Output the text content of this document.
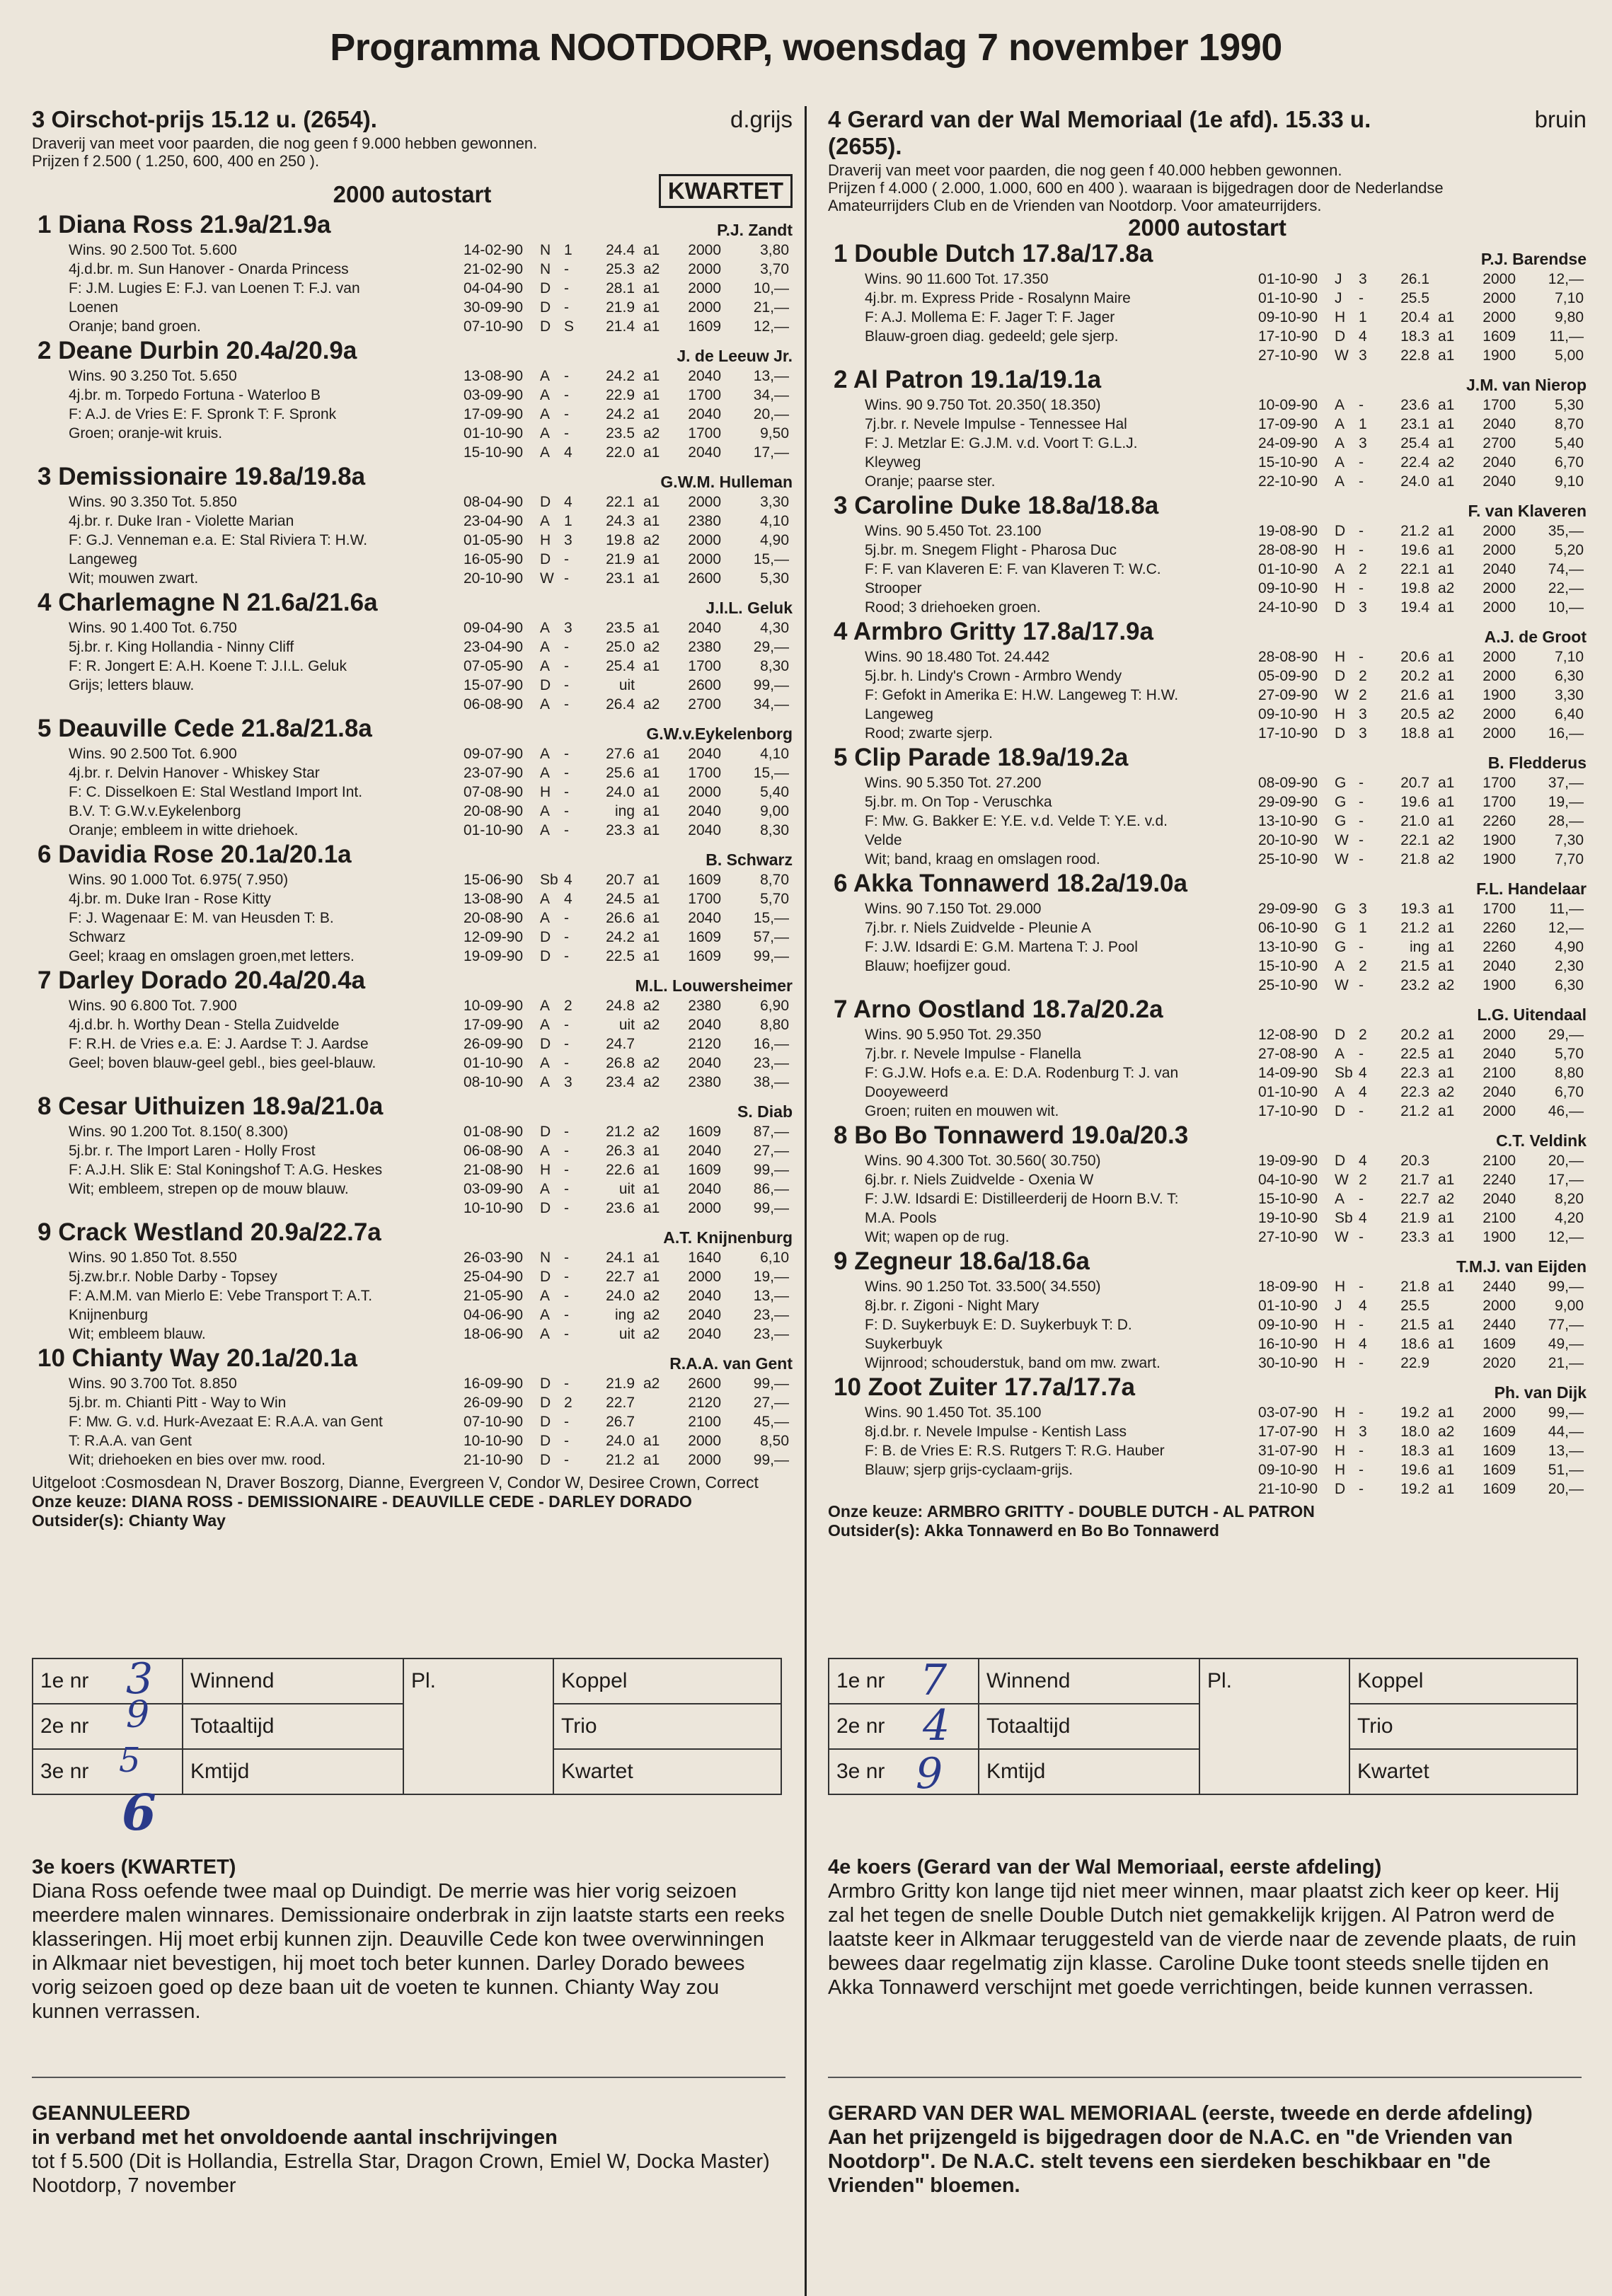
Programma NOOTDORP, woensdag 7 november 1990
3 Oirschot-prijs 15.12 u. (2654).	d.grijs
Draverij van meet voor paarden, die nog geen f 9.000 hebben gewonnen.
Prijzen f 2.500 ( 1.250, 600, 400 en 250 ).
2000 autostart	KWARTET
1 Diana Ross 21.9a/21.9a	P.J. Zandt
Wins. 90 2.500 Tot. 5.600
4j.d.br. m. Sun Hanover - Onarda Princess
F: J.M. Lugies E: F.J. van Loenen T: F.J. van
Loenen
Oranje; band groen.
14-02-90	N 1	24.4 a1	2000	3,80
21-02-90	N -	25.3 a2	2000	3,70
04-04-90	D -	28.1 a1	2000	10,—
30-09-90	D -	21.9 a1	2000	21,—
07-10-90	D S	21.4 a1	1609	12,—
2 Deane Durbin 20.4a/20.9a	J. de Leeuw Jr.
Wins. 90 3.250 Tot. 5.650
4j.br. m. Torpedo Fortuna - Waterloo B
F: A.J. de Vries E: F. Spronk T: F. Spronk
Groen; oranje-wit kruis.
13-08-90	A -	24.2 a1	2040	13,—
03-09-90	A -	22.9 a1	1700	34,—
17-09-90	A -	24.2 a1	2040	20,—
01-10-90	A -	23.5 a2	1700	9,50
15-10-90	A 4	22.0 a1	2040	17,—
3 Demissionaire 19.8a/19.8a	G.W.M. Hulleman
Wins. 90 3.350 Tot. 5.850
4j.br. r. Duke Iran - Violette Marian
F: G.J. Venneman e.a. E: Stal Riviera T: H.W.
Langeweg
Wit; mouwen zwart.
08-04-90	D 4	22.1 a1	2000	3,30
23-04-90	A 1	24.3 a1	2380	4,10
01-05-90	H 3	19.8 a2	2000	4,90
16-05-90	D -	21.9 a1	2000	15,—
20-10-90	W -	23.1 a1	2600	5,30
4 Charlemagne N 21.6a/21.6a	J.I.L. Geluk
Wins. 90 1.400 Tot. 6.750
5j.br. r. King Hollandia - Ninny Cliff
F: R. Jongert E: A.H. Koene T: J.I.L. Geluk
Grijs; letters blauw.
09-04-90	A 3	23.5 a1	2040	4,30
23-04-90	A -	25.0 a2	2380	29,—
07-05-90	A -	25.4 a1	1700	8,30
15-07-90	D -	uit	2600	99,—
06-08-90	A -	26.4 a2	2700	34,—
5 Deauville Cede 21.8a/21.8a	G.W.v.Eykelenborg
Wins. 90 2.500 Tot. 6.900
4j.br. r. Delvin Hanover - Whiskey Star
F: C. Disselkoen E: Stal Westland Import Int.
B.V. T: G.W.v.Eykelenborg
Oranje; embleem in witte driehoek.
09-07-90	A -	27.6 a1	2040	4,10
23-07-90	A -	25.6 a1	1700	15,—
07-08-90	H -	24.0 a1	2000	5,40
20-08-90	A -	ing a1	2040	9,00
01-10-90	A -	23.3 a1	2040	8,30
6 Davidia Rose 20.1a/20.1a	B. Schwarz
Wins. 90 1.000 Tot. 6.975( 7.950)
4j.br. m. Duke Iran - Rose Kitty
F: J. Wagenaar E: M. van Heusden T: B.
Schwarz
Geel; kraag en omslagen groen,met letters.
15-06-90	Sb 4	20.7 a1	1609	8,70
13-08-90	A 4	24.5 a1	1700	5,70
20-08-90	A -	26.6 a1	2040	15,—
12-09-90	D -	24.2 a1	1609	57,—
19-09-90	D -	22.5 a1	1609	99,—
7 Darley Dorado 20.4a/20.4a	M.L. Louwersheimer
Wins. 90 6.800 Tot. 7.900
4j.d.br. h. Worthy Dean - Stella Zuidvelde
F: R.H. de Vries e.a. E: J. Aardse T: J. Aardse
Geel; boven blauw-geel gebl., bies geel-blauw.
10-09-90	A 2	24.8 a2	2380	6,90
17-09-90	A -	uit a2	2040	8,80
26-09-90	D -	24.7	2120	16,—
01-10-90	A -	26.8 a2	2040	23,—
08-10-90	A 3	23.4 a2	2380	38,—
8 Cesar Uithuizen 18.9a/21.0a	S. Diab
Wins. 90 1.200 Tot. 8.150( 8.300)
5j.br. r. The Import Laren - Holly Frost
F: A.J.H. Slik E: Stal Koningshof T: A.G. Heskes
Wit; embleem, strepen op de mouw blauw.
01-08-90	D -	21.2 a2	1609	87,—
06-08-90	A -	26.3 a1	2040	27,—
21-08-90	H -	22.6 a1	1609	99,—
03-09-90	A -	uit a1	2040	86,—
10-10-90	D -	23.6 a1	2000	99,—
9 Crack Westland 20.9a/22.7a	A.T. Knijnenburg
Wins. 90 1.850 Tot. 8.550
5j.zw.br.r. Noble Darby - Topsey
F: A.M.M. van Mierlo E: Vebe Transport T: A.T.
Knijnenburg
Wit; embleem blauw.
26-03-90	N -	24.1 a1	1640	6,10
25-04-90	D -	22.7 a1	2000	19,—
21-05-90	A -	24.0 a2	2040	13,—
04-06-90	A -	ing a2	2040	23,—
18-06-90	A -	uit a2	2040	23,—
10 Chianty Way 20.1a/20.1a	R.A.A. van Gent
Wins. 90 3.700 Tot. 8.850
5j.br. m. Chianti Pitt - Way to Win
F: Mw. G. v.d. Hurk-Avezaat E: R.A.A. van Gent
T: R.A.A. van Gent
Wit; driehoeken en bies over mw. rood.
16-09-90	D -	21.9 a2	2600	99,—
26-09-90	D 2	22.7	2120	27,—
07-10-90	D -	26.7	2100	45,—
10-10-90	D -	24.0 a1	2000	8,50
21-10-90	D -	21.2 a1	2000	99,—
Uitgeloot :Cosmosdean N, Draver Boszorg, Dianne, Evergreen V, Condor W, Desiree Crown, Correct
Onze keuze: DIANA ROSS - DEMISSIONAIRE - DEAUVILLE CEDE - DARLEY DORADO
Outsider(s): Chianty Way
4 Gerard van der Wal Memoriaal (1e afd). 15.33 u.	bruin
(2655).
Draverij van meet voor paarden, die nog geen f 40.000 hebben gewonnen.
Prijzen f 4.000 ( 2.000, 1.000, 600 en 400 ). waaraan is bijgedragen door de Nederlandse
Amateurrijders Club en de Vrienden van Nootdorp. Voor amateurrijders.
2000 autostart
1 Double Dutch 17.8a/17.8a	P.J. Barendse
Wins. 90 11.600 Tot. 17.350
4j.br. m. Express Pride - Rosalynn Maire
F: A.J. Mollema E: F. Jager T: F. Jager
Blauw-groen diag. gedeeld; gele sjerp.
01-10-90	J	3	26.1	2000	12,—
01-10-90	J	-	25.5	2000	7,10
09-10-90	H 1	20.4 a1	2000	9,80
17-10-90	D 4	18.3 a1	1609	11,—
27-10-90	W 3	22.8 a1	1900	5,00
2 Al Patron 19.1a/19.1a	J.M. van Nierop
Wins. 90 9.750 Tot. 20.350( 18.350)
7j.br. r. Nevele Impulse - Tennessee Hal
F: J. Metzlar E: G.J.M. v.d. Voort T: G.L.J.
Kleyweg
Oranje; paarse ster.
10-09-90	A -	23.6 a1	1700	5,30
17-09-90	A 1	23.1 a1	2040	8,70
24-09-90	A 3	25.4 a1	2700	5,40
15-10-90	A -	22.4 a2	2040	6,70
22-10-90	A -	24.0 a1	2040	9,10
3 Caroline Duke 18.8a/18.8a	F. van Klaveren
Wins. 90 5.450 Tot. 23.100
5j.br. m. Snegem Flight - Pharosa Duc
F: F. van Klaveren E: F. van Klaveren T: W.C.
Strooper
Rood; 3 driehoeken groen.
19-08-90	D -	21.2 a1	2000	35,—
28-08-90	H -	19.6 a1	2000	5,20
01-10-90	A 2	22.1 a1	2040	74,—
09-10-90	H -	19.8 a2	2000	22,—
24-10-90	D 3	19.4 a1	2000	10,—
4 Armbro Gritty 17.8a/17.9a	A.J. de Groot
Wins. 90 18.480 Tot. 24.442
5j.br. h. Lindy's Crown - Armbro Wendy
F: Gefokt in Amerika E: H.W. Langeweg T: H.W.
Langeweg
Rood; zwarte sjerp.
28-08-90	H -	20.6 a1	2000	7,10
05-09-90	D 2	20.2 a1	2000	6,30
27-09-90	W 2	21.6 a1	1900	3,30
09-10-90	H 3	20.5 a2	2000	6,40
17-10-90	D 3	18.8 a1	2000	16,—
5 Clip Parade 18.9a/19.2a	B. Fledderus
Wins. 90 5.350 Tot. 27.200
5j.br. m. On Top - Veruschka
F: Mw. G. Bakker E: Y.E. v.d. Velde T: Y.E. v.d.
Velde
Wit; band, kraag en omslagen rood.
08-09-90	G -	20.7 a1	1700	37,—
29-09-90	G -	19.6 a1	1700	19,—
13-10-90	G -	21.0 a1	2260	28,—
20-10-90	W -	22.1 a2	1900	7,30
25-10-90	W -	21.8 a2	1900	7,70
6 Akka Tonnawerd 18.2a/19.0a	F.L. Handelaar
Wins. 90 7.150 Tot. 29.000
7j.br. r. Niels Zuidvelde - Pleunie A
F: J.W. Idsardi E: G.M. Martena T: J. Pool
Blauw; hoefijzer goud.
29-09-90	G 3	19.3 a1	1700	11,—
06-10-90	G 1	21.2 a1	2260	12,—
13-10-90	G -	ing a1	2260	4,90
15-10-90	A 2	21.5 a1	2040	2,30
25-10-90	W -	23.2 a2	1900	6,30
7 Arno Oostland 18.7a/20.2a	L.G. Uitendaal
Wins. 90 5.950 Tot. 29.350
7j.br. r. Nevele Impulse - Flanella
F: G.J.W. Hofs e.a. E: D.A. Rodenburg T: J. van
Dooyeweerd
Groen; ruiten en mouwen wit.
12-08-90	D 2	20.2 a1	2000	29,—
27-08-90	A -	22.5 a1	2040	5,70
14-09-90	Sb 4	22.3 a1	2100	8,80
01-10-90	A 4	22.3 a2	2040	6,70
17-10-90	D -	21.2 a1	2000	46,—
8 Bo Bo Tonnawerd 19.0a/20.3	C.T. Veldink
Wins. 90 4.300 Tot. 30.560( 30.750)
6j.br. r. Niels Zuidvelde - Oxenia W
F: J.W. Idsardi E: Distilleerderij de Hoorn B.V. T:
M.A. Pools
Wit; wapen op de rug.
19-09-90	D 4	20.3	2100	20,—
04-10-90	W 2	21.7 a1	2240	17,—
15-10-90	A -	22.7 a2	2040	8,20
19-10-90	Sb 4	21.9 a1	2100	4,20
27-10-90	W -	23.3 a1	1900	12,—
9 Zegneur 18.6a/18.6a	T.M.J. van Eijden
Wins. 90 1.250 Tot. 33.500( 34.550)
8j.br. r. Zigoni - Night Mary
F: D. Suykerbuyk E: D. Suykerbuyk T: D.
Suykerbuyk
Wijnrood; schouderstuk, band om mw. zwart.
18-09-90	H -	21.8 a1	2440	99,—
01-10-90	J	4	25.5	2000	9,00
09-10-90	H -	21.5 a1	2440	77,—
16-10-90	H 4	18.6 a1	1609	49,—
30-10-90	H -	22.9	2020	21,—
10 Zoot Zuiter 17.7a/17.7a	Ph. van Dijk
Wins. 90 1.450 Tot. 35.100
8j.d.br. r. Nevele Impulse - Kentish Lass
F: B. de Vries E: R.S. Rutgers T: R.G. Hauber
Blauw; sjerp grijs-cyclaam-grijs.
03-07-90	H -	19.2 a1	2000	99,—
17-07-90	H 3	18.0 a2	1609	44,—
31-07-90	H -	18.3 a1	1609	13,—
09-10-90	H -	19.6 a1	1609	51,—
21-10-90	D -	19.2 a1	1609	20,—
Onze keuze: ARMBRO GRITTY - DOUBLE DUTCH - AL PATRON
Outsider(s): Akka Tonnawerd en Bo Bo Tonnawerd
1e nr	Winnend	Pl.	Koppel
2e nr	Totaaltijd		Trio
3e nr	Kmtijd		Kwartet
3
9
5
6
1e nr	Winnend	Pl.	Koppel
2e nr	Totaaltijd		Trio
3e nr	Kmtijd		Kwartet
7
4
9
3e koers (KWARTET)
Diana Ross oefende twee maal op Duindigt. De merrie was hier vorig seizoen meerdere malen winnares. Demissionaire onderbrak in zijn laatste starts een reeks klasseringen. Hij moet erbij kunnen zijn. Deauville Cede kon twee overwinningen in Alkmaar niet bevestigen, hij moet toch beter kunnen. Darley Dorado bewees vorig seizoen goed op deze baan uit de voeten te kunnen. Chianty Way zou kunnen verrassen.
4e koers (Gerard van der Wal Memoriaal, eerste afdeling)
Armbro Gritty kon lange tijd niet meer winnen, maar plaatst zich keer op keer. Hij zal het tegen de snelle Double Dutch niet gemakkelijk krijgen. Al Patron werd de laatste keer in Alkmaar teruggesteld van de vierde naar de zevende plaats, de ruin bewees daar regelmatig zijn klasse. Caroline Duke toont steeds snelle tijden en Akka Tonnawerd verschijnt met goede verrichtingen, beide kunnen verrassen.
GEANNULEERD
in verband met het onvoldoende aantal inschrijvingen
tot f 5.500 (Dit is Hollandia, Estrella Star, Dragon Crown, Emiel W, Docka Master)
Nootdorp, 7 november
GERARD VAN DER WAL MEMORIAAL (eerste, tweede en derde afdeling)
Aan het prijzengeld is bijgedragen door de N.A.C. en "de Vrienden van Nootdorp". De N.A.C. stelt tevens een sierdeken beschikbaar en "de Vrienden" bloemen.
